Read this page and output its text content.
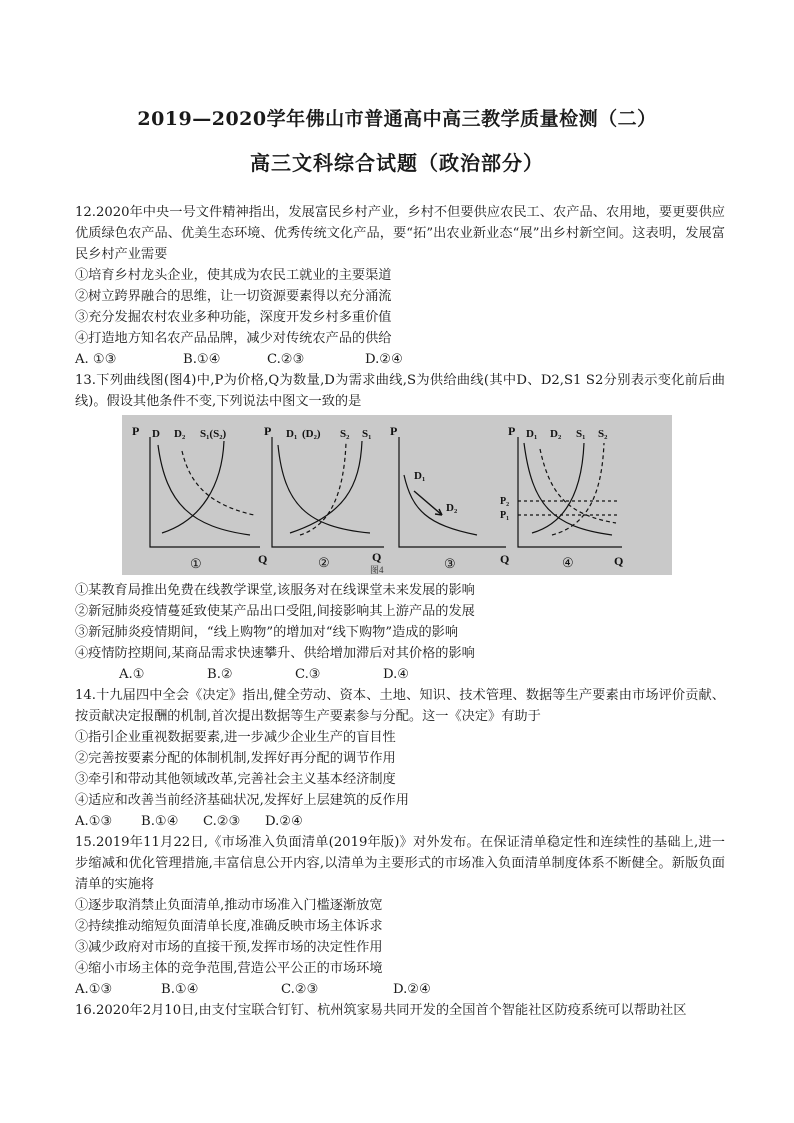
2019—2020学年佛山市普通高中高三教学质量检测（二）
高三文科综合试题（政治部分）
12.2020年中央一号文件精神指出，发展富民乡村产业，乡村不但要供应农民工、农产品、农用地，要更要供应优质绿色农产品、优美生态环境、优秀传统文化产品，要“拓”出农业新业态“展”出乡村新空间。这表明，发展富民乡村产业需要
①培育乡村龙头企业，使其成为农民工就业的主要渠道
②树立跨界融合的思维，让一切资源要素得以充分涌流
③充分发掘农村农业多种功能，深度开发乡村多重价值
④打造地方知名农产品品牌，减少对传统农产品的供给
A. ①③	B.①④	C.②③	D.②④
13.下列曲线图(图4)中,P为价格,Q为数量,D为需求曲线,S为供给曲线(其中D、D2,S1 S2分别表示变化前后曲线)。假设其他条件不变,下列说法中图文一致的是
P
Q
D D₂ S₁(S₂)
①
P
Q
D₁ (D₂) S₂ S₁
②
P
Q
D₁
D₂
③
P
Q
D₁ D₂ S₁ S₂
P₂
P₁
④
图4
①某教育局推出免费在线教学课堂,该服务对在线课堂未来发展的影响
②新冠肺炎疫情蔓延致使某产品出口受阻,间接影响其上游产品的发展
③新冠肺炎疫情期间，“线上购物”的增加对“线下购物”造成的影响
④疫情防控期间,某商品需求快速攀升、供给增加滞后对其价格的影响
A.①	B.②	C.③	D.④
14.十九届四中全会《决定》指出,健全劳动、资本、土地、知识、技术管理、数据等生产要素由市场评价贡献、按贡献决定报酬的机制,首次提出数据等生产要素参与分配。这一《决定》有助于
①指引企业重视数据要素,进一步减少企业生产的盲目性
②完善按要素分配的体制机制,发挥好再分配的调节作用
③牵引和带动其他领域改革,完善社会主义基本经济制度
④适应和改善当前经济基础状况,发挥好上层建筑的反作用
A.①③	B.①④	C.②③	D.②④
15.2019年11月22日,《市场准入负面清单(2019年版)》对外发布。在保证清单稳定性和连续性的基础上,进一步缩减和优化管理措施,丰富信息公开内容,以清单为主要形式的市场准入负面清单制度体系不断健全。新版负面清单的实施将
①逐步取消禁止负面清单,推动市场准入门槛逐渐放宽
②持续推动缩短负面清单长度,准确反映市场主体诉求
③减少政府对市场的直接干预,发挥市场的决定性作用
④缩小市场主体的竞争范围,营造公平公正的市场环境
A.①③	B.①④	C.②③	D.②④
16.2020年2月10日,由支付宝联合钉钉、杭州筑家易共同开发的全国首个智能社区防疫系统可以帮助社区
